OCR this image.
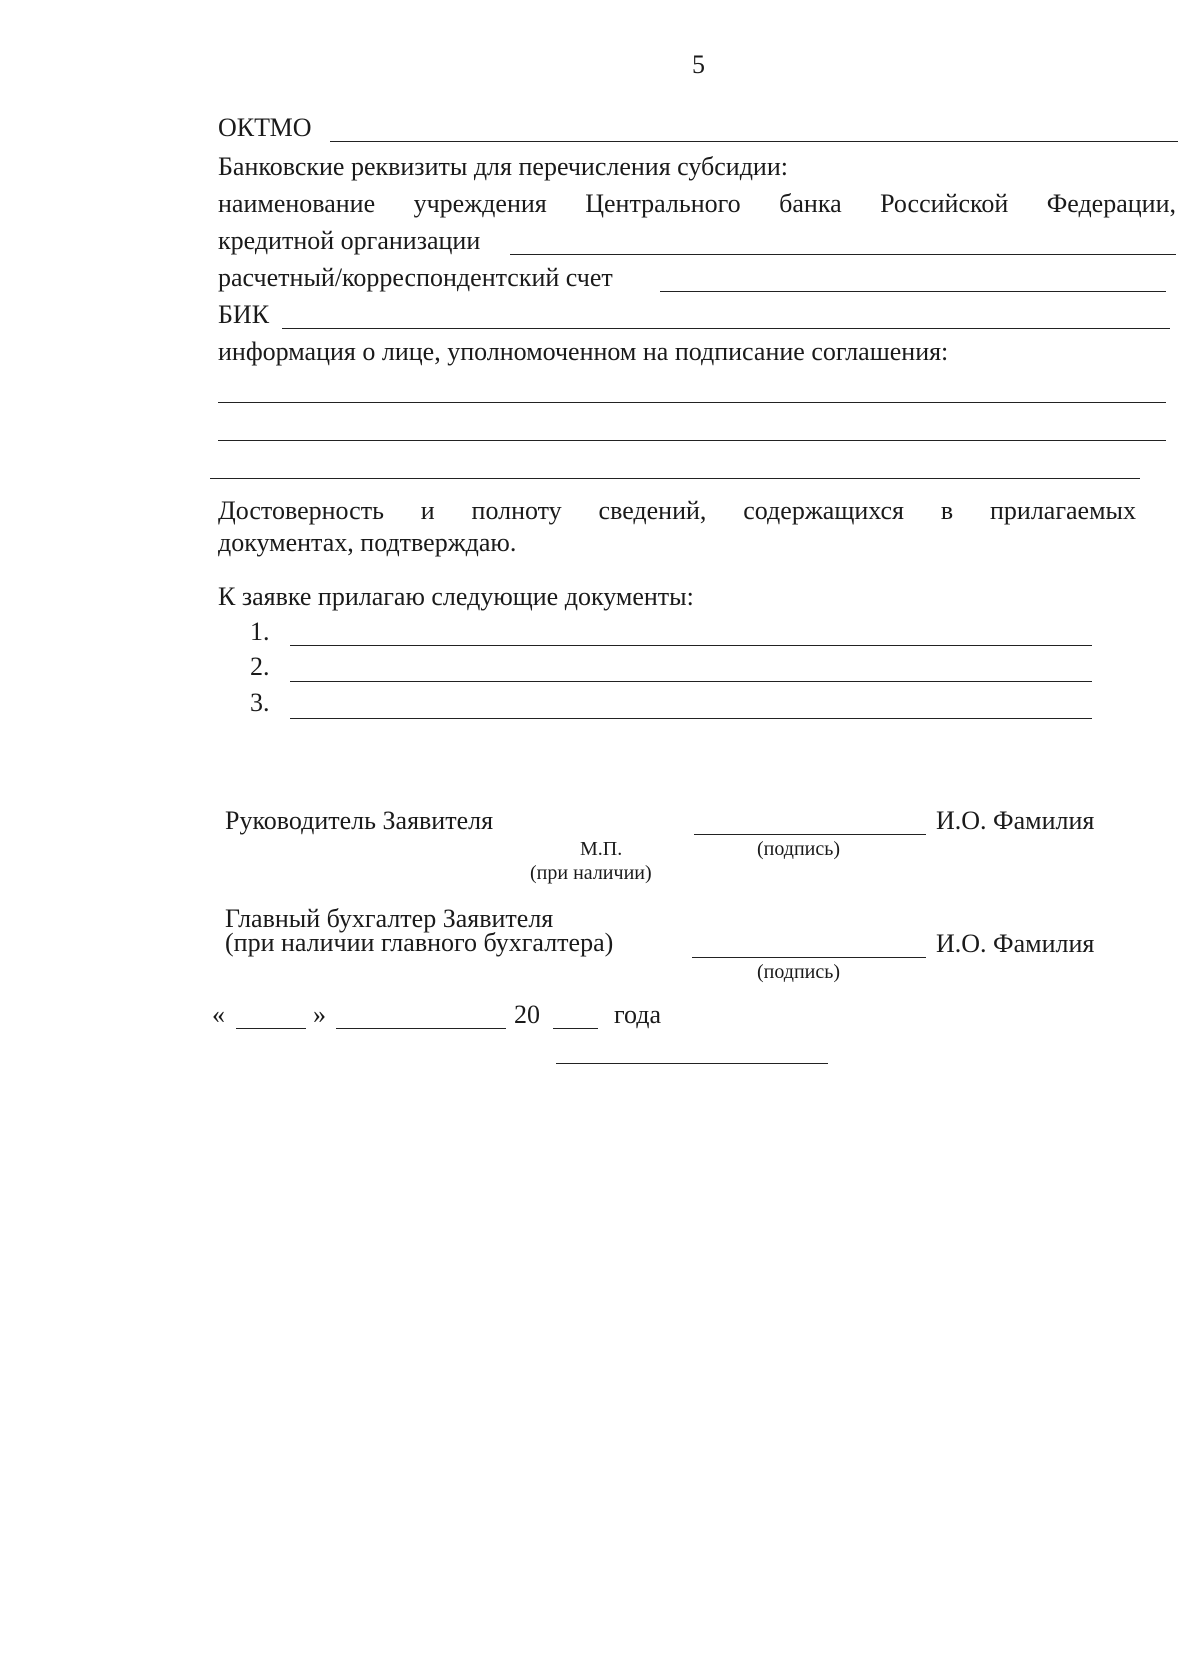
5
ОКТМО
Банковские реквизиты для перечисления субсидии:
наименование учреждения Центрального банка Российской Федерации,
кредитной организации
расчетный/корреспондентский счет
БИК
информация о лице, уполномоченном на подписание соглашения:
Достоверность и полноту сведений, содержащихся в прилагаемых
документах, подтверждаю.
К заявке прилагаю следующие документы:
1.
2.
3.
Руководитель Заявителя	И.О. Фамилия
М.П.	(подпись)
(при наличии)
Главный бухгалтер Заявителя
(при наличии главного бухгалтера)	И.О. Фамилия
(подпись)
«	»	20	года
